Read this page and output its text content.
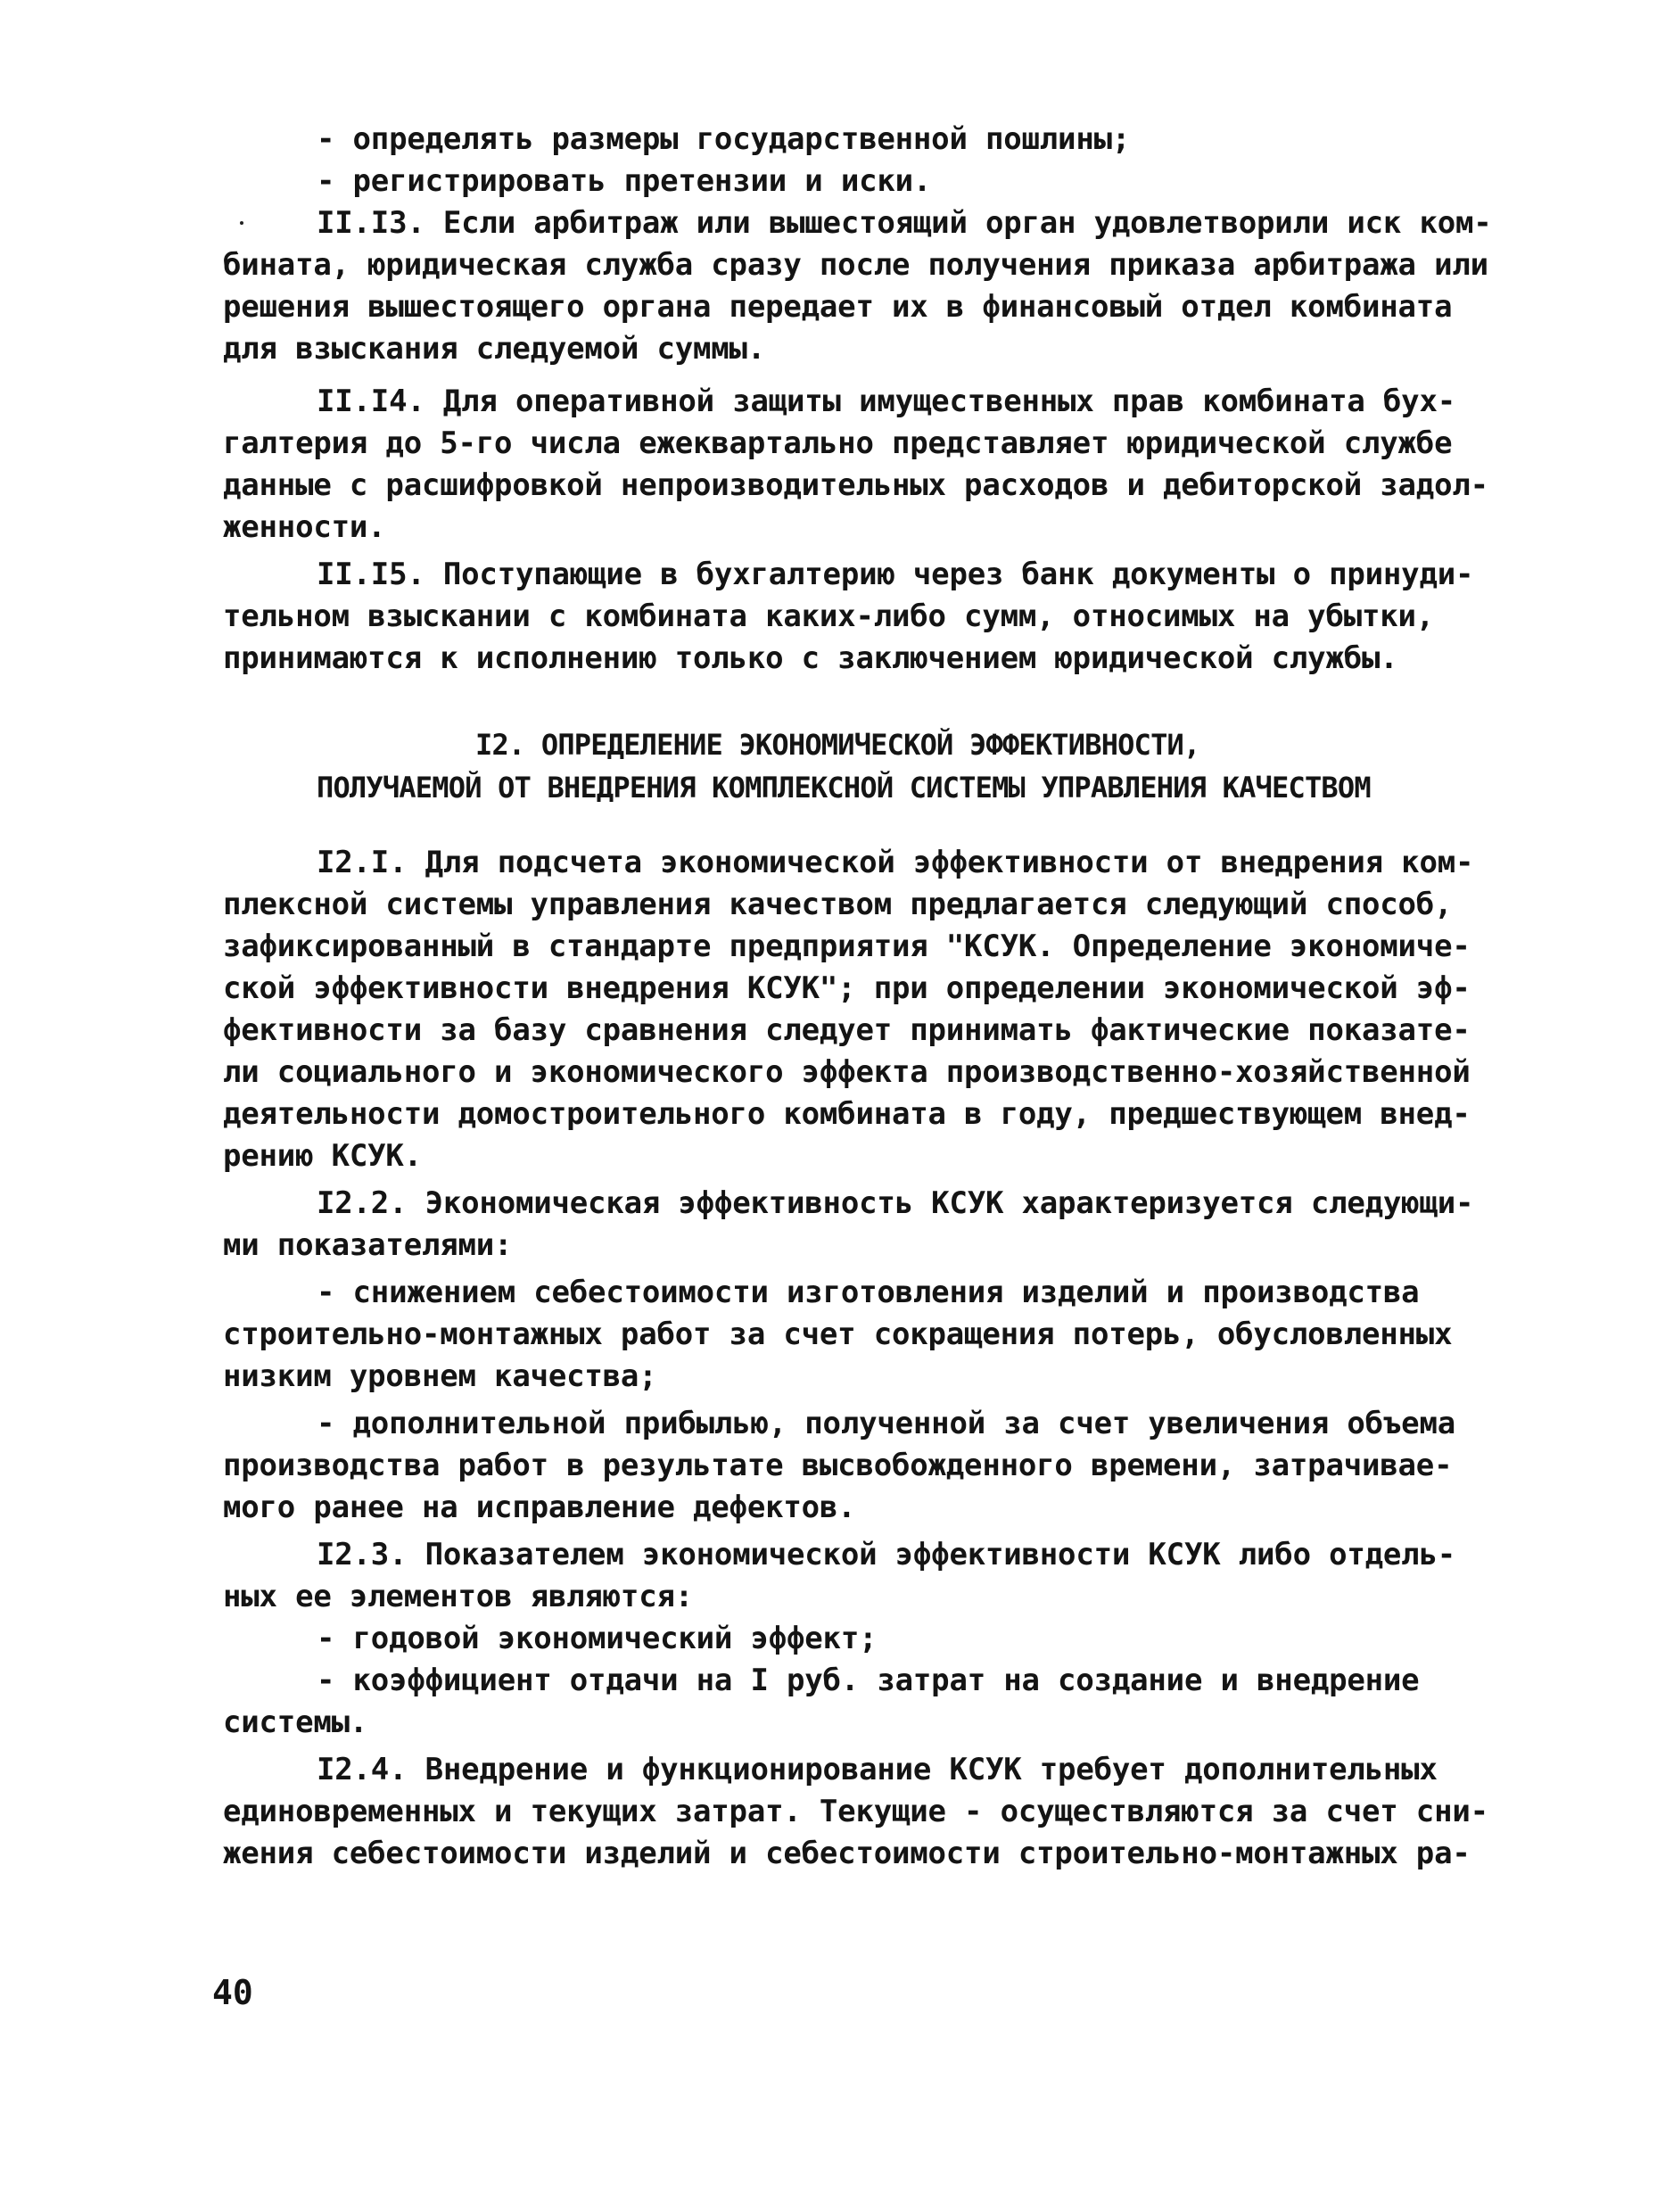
- определять размеры государственной пошлины;
- регистрировать претензии и иски.
II.I3. Если арбитраж или вышестоящий орган удовлетворили иск ком-
бината, юридическая служба сразу после получения приказа арбитража или
решения вышестоящего органа передает их в финансовый отдел комбината
для взыскания следуемой суммы.
II.I4. Для оперативной защиты имущественных прав комбината бух-
галтерия до 5-го числа ежеквартально представляет юридической службе
данные с расшифровкой непроизводительных расходов и дебиторской задол-
женности.
II.I5. Поступающие в бухгалтерию через банк документы о принуди-
тельном взыскании с комбината каких-либо сумм, относимых на убытки,
принимаются к исполнению только с заключением юридической службы.
I2. ОПРЕДЕЛЕНИЕ ЭКОНОМИЧЕСКОЙ ЭФФЕКТИВНОСТИ,
ПОЛУЧАЕМОЙ ОТ ВНЕДРЕНИЯ КОМПЛЕКСНОЙ СИСТЕМЫ УПРАВЛЕНИЯ КАЧЕСТВОМ
I2.I. Для подсчета экономической эффективности от внедрения ком-
плексной системы управления качеством предлагается следующий способ,
зафиксированный в стандарте предприятия "КСУК. Определение экономиче-
ской эффективности внедрения КСУК"; при определении экономической эф-
фективности за базу сравнения следует принимать фактические показате-
ли социального и экономического эффекта производственно-хозяйственной
деятельности домостроительного комбината в году, предшествующем внед-
рению КСУК.
I2.2. Экономическая эффективность КСУК характеризуется следующи-
ми показателями:
- снижением себестоимости изготовления изделий и производства
строительно-монтажных работ за счет сокращения потерь, обусловленных
низким уровнем качества;
- дополнительной прибылью, полученной за счет увеличения объема
производства работ в результате высвобожденного времени, затрачивае-
мого ранее на исправление дефектов.
I2.3. Показателем экономической эффективности КСУК либо отдель-
ных ее элементов являются:
- годовой экономический эффект;
- коэффициент отдачи на I руб. затрат на создание и внедрение
системы.
I2.4. Внедрение и функционирование КСУК требует дополнительных
единовременных и текущих затрат. Текущие - осуществляются за счет сни-
жения себестоимости изделий и себестоимости строительно-монтажных ра-
40
